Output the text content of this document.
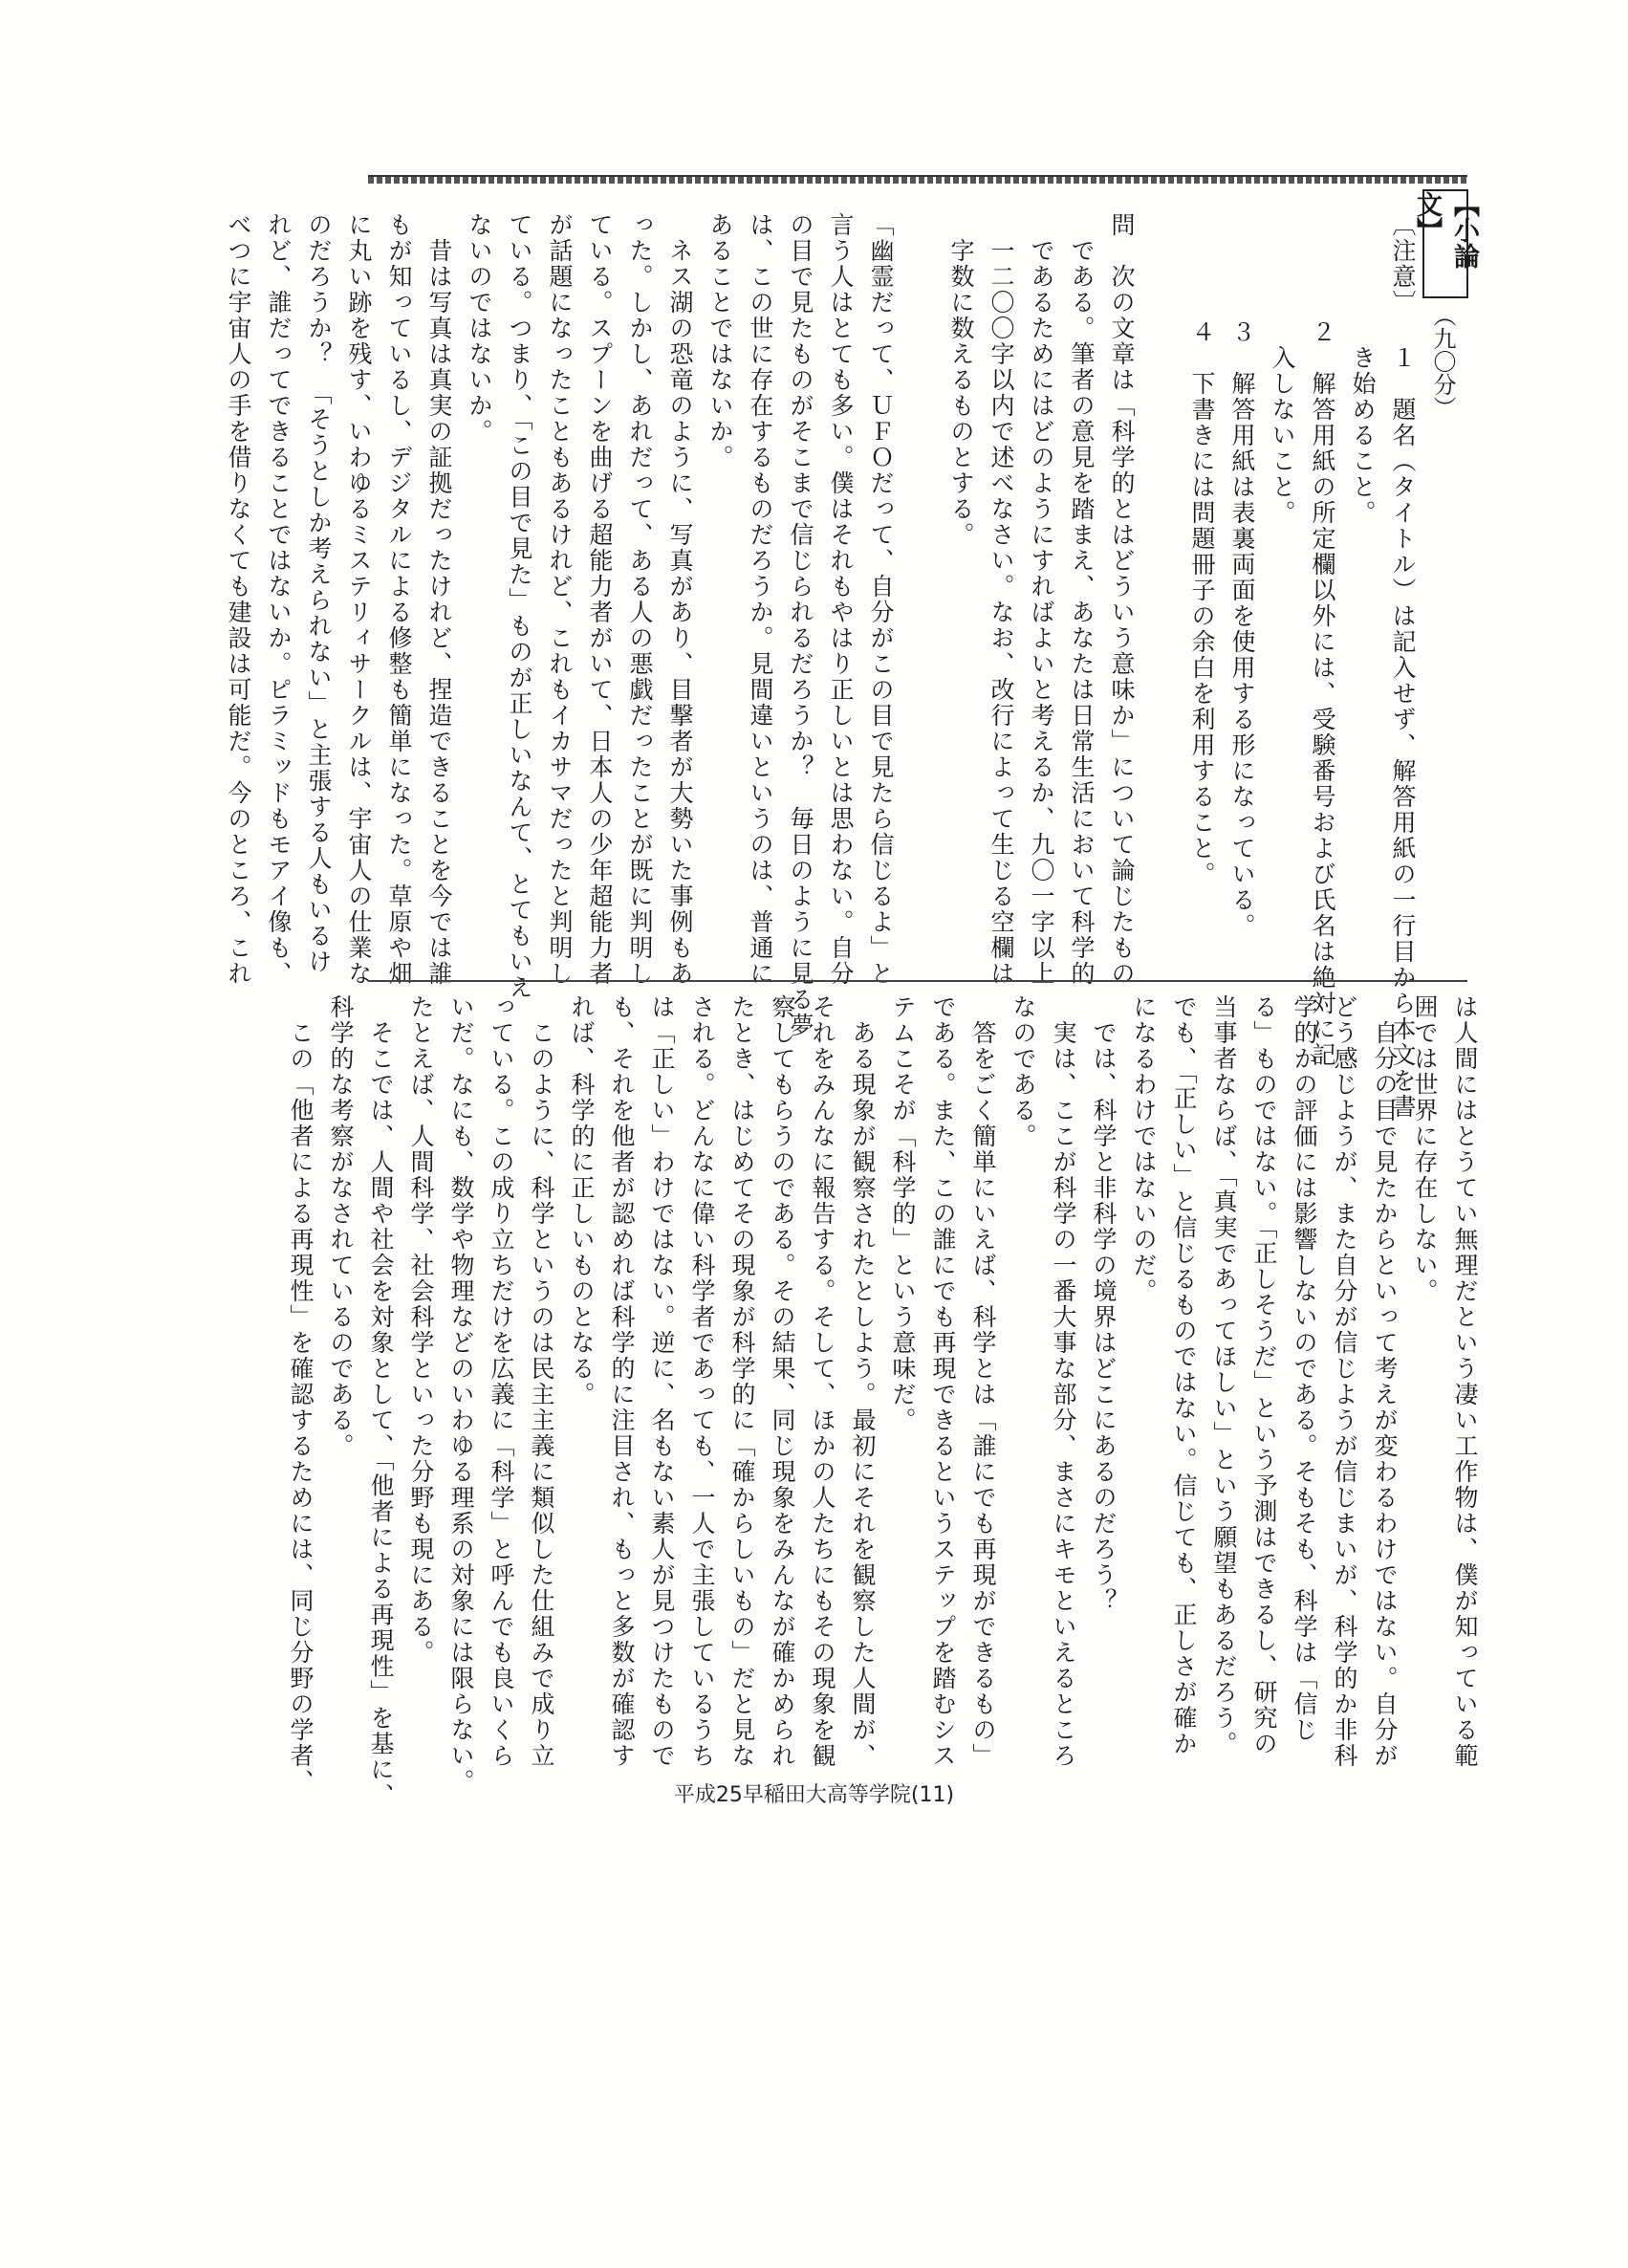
【小論文】
（九〇分）
〔注意〕 １　題名（タイトル）は記入せず、解答用紙の一行目から本文を書
　　　　 き始めること。
　　　 ２　解答用紙の所定欄以外には、受験番号および氏名は絶対に記
　　　　 入しないこと。
　　　 ３　解答用紙は表裏両面を使用する形になっている。
　　　 ４　下書きには問題冊子の余白を利用すること。

問　次の文章は「科学的とはどういう意味か」について論じたもの
　である。筆者の意見を踏まえ、あなたは日常生活において科学的
　であるためにはどのようにすればよいと考えるか、九〇一字以上
　一二〇〇字以内で述べなさい。なお、改行によって生じる空欄は
　字数に数えるものとする。

「幽霊だって、ＵＦＯだって、自分がこの目で見たら信じるよ」と
言う人はとても多い。僕はそれもやはり正しいとは思わない。自分
の目で見たものがそこまで信じられるだろうか？　毎日のように見る夢
は、この世に存在するものだろうか。見間違いというのは、普通に
あることではないか。
　ネス湖の恐竜のように、写真があり、目撃者が大勢いた事例もあ
った。しかし、あれだって、ある人の悪戯だったことが既に判明し
ている。スプーンを曲げる超能力者がいて、日本人の少年超能力者
が話題になったこともあるけれど、これもイカサマだったと判明し
ている。つまり、「この目で見た」ものが正しいなんて、とてもいえ
ないのではないか。
　昔は写真は真実の証拠だったけれど、捏造できることを今では誰
もが知っているし、デジタルによる修整も簡単になった。草原や畑
に丸い跡を残す、いわゆるミステリィサークルは、宇宙人の仕業な
のだろうか？　「そうとしか考えられない」と主張する人もいるけ
れど、誰だってできることではないか。ピラミッドもモアイ像も、
べつに宇宙人の手を借りなくても建設は可能だ。今のところ、これ
は人間にはとうてい無理だという凄い工作物は、僕が知っている範
囲では世界に存在しない。
　自分の目で見たからといって考えが変わるわけではない。自分が
どう感じようが、また自分が信じようが信じまいが、科学的か非科
学的かの評価には影響しないのである。そもそも、科学は「信じ
る」ものではない。「正しそうだ」という予測はできるし、研究の
当事者ならば、「真実であってほしい」という願望もあるだろう。
でも、「正しい」と信じるものではない。信じても、正しさが確か
になるわけではないのだ。
　では、科学と非科学の境界はどこにあるのだろう？
　実は、ここが科学の一番大事な部分、まさにキモといえるところ
なのである。
　答をごく簡単にいえば、科学とは「誰にでも再現ができるもの」
である。また、この誰にでも再現できるというステップを踏むシス
テムこそが「科学的」という意味だ。
　ある現象が観察されたとしよう。最初にそれを観察した人間が、
それをみんなに報告する。そして、ほかの人たちにもその現象を観
察してもらうのである。その結果、同じ現象をみんなが確かめられ
たとき、はじめてその現象が科学的に「確からしいもの」だと見な
される。どんなに偉い科学者であっても、一人で主張しているうち
は「正しい」わけではない。逆に、名もない素人が見つけたもので
も、それを他者が認めれば科学的に注目され、もっと多数が確認す
れば、科学的に正しいものとなる。
　このように、科学というのは民主主義に類似した仕組みで成り立
っている。この成り立ちだけを広義に「科学」と呼んでも良いくら
いだ。なにも、数学や物理などのいわゆる理系の対象には限らない。
たとえば、人間科学、社会科学といった分野も現にある。
　そこでは、人間や社会を対象として、「他者による再現性」を基に、
科学的な考察がなされているのである。
　この「他者による再現性」を確認するためには、同じ分野の学者、
平成25早稲田大高等学院(11)
